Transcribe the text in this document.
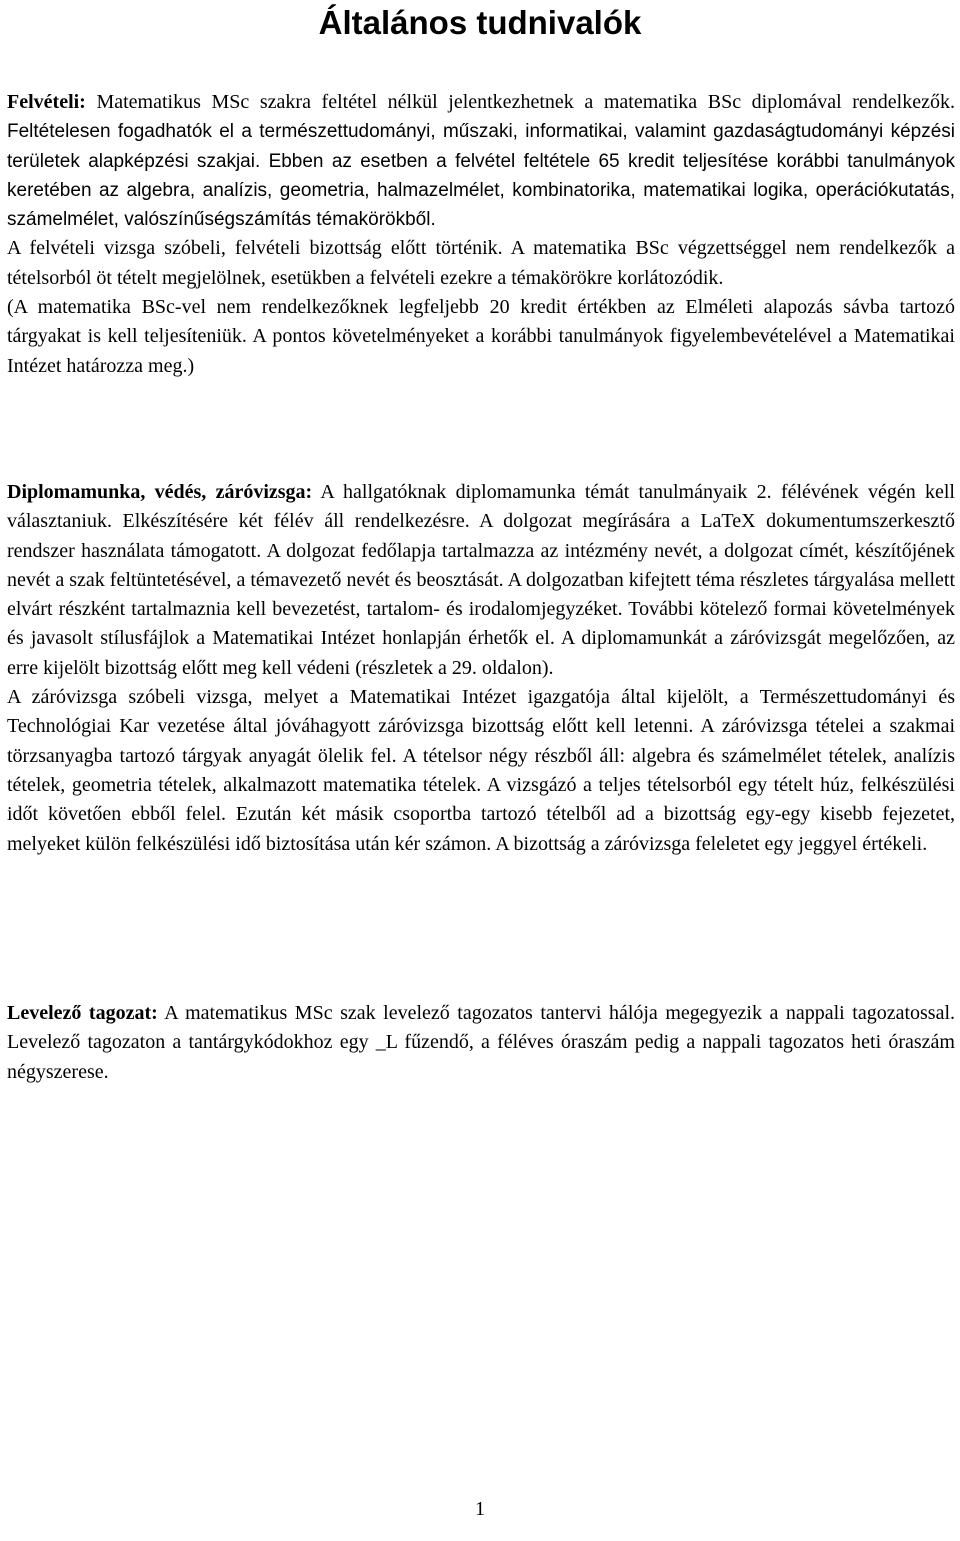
Általános tudnivalók

Felvételi: Matematikus MSc szakra feltétel nélkül jelentkezhetnek a matematika BSc diplomával rendelkezők. Feltételesen fogadhatók el a természettudományi, műszaki, informatikai, valamint gazdaságtudományi képzési területek alapképzési szakjai. Ebben az esetben a felvétel feltétele 65 kredit teljesítése korábbi tanulmányok keretében az algebra, analízis, geometria, halmazelmélet, kombinatorika, matematikai logika, operációkutatás, számelmélet, valószínűségszámítás témakörökből.

A felvételi vizsga szóbeli, felvételi bizottság előtt történik. A matematika BSc végzettséggel nem rendelkezők a tételsorból öt tételt megjelölnek, esetükben a felvételi ezekre a témakörökre korlátozódik.

(A matematika BSc-vel nem rendelkezőknek legfeljebb 20 kredit értékben az Elméleti alapozás sávba tartozó tárgyakat is kell teljesíteniük. A pontos követelményeket a korábbi tanulmányok figyelembevételével a Matematikai Intézet határozza meg.)

Diplomamunka, védés, záróvizsga: A hallgatóknak diplomamunka témát tanulmányaik 2. félévének végén kell választaniuk. Elkészítésére két félév áll rendelkezésre. A dolgozat megírására a LaTeX dokumentumszerkesztő rendszer használata támogatott. A dolgozat fedőlapja tartalmazza az intézmény nevét, a dolgozat címét, készítőjének nevét a szak feltüntetésével, a témavezető nevét és beosztását. A dolgozatban kifejtett téma részletes tárgyalása mellett elvárt részként tartalmaznia kell bevezetést, tartalom- és irodalomjegyzéket. További kötelező formai követelmények és javasolt stílusfájlok a Matematikai Intézet honlapján érhetők el. A diplomamunkát a záróvizsgát megelőzően, az erre kijelölt bizottság előtt meg kell védeni (részletek a 29. oldalon).

A záróvizsga szóbeli vizsga, melyet a Matematikai Intézet igazgatója által kijelölt, a Természettudományi és Technológiai Kar vezetése által jóváhagyott záróvizsga bizottság előtt kell letenni. A záróvizsga tételei a szakmai törzsanyagba tartozó tárgyak anyagát ölelik fel. A tételsor négy részből áll: algebra és számelmélet tételek, analízis tételek, geometria tételek, alkalmazott matematika tételek. A vizsgázó a teljes tételsorból egy tételt húz, felkészülési időt követően ebből felel. Ezután két másik csoportba tartozó tételből ad a bizottság egy-egy kisebb fejezetet, melyeket külön felkészülési idő biztosítása után kér számon. A bizottság a záróvizsga feleletet egy jeggyel értékeli.

Levelező tagozat: A matematikus MSc szak levelező tagozatos tantervi hálója megegyezik a nappali tagozatossal. Levelező tagozaton a tantárgykódokhoz egy _L fűzendő, a féléves óraszám pedig a nappali tagozatos heti óraszám négyszerese.

1
